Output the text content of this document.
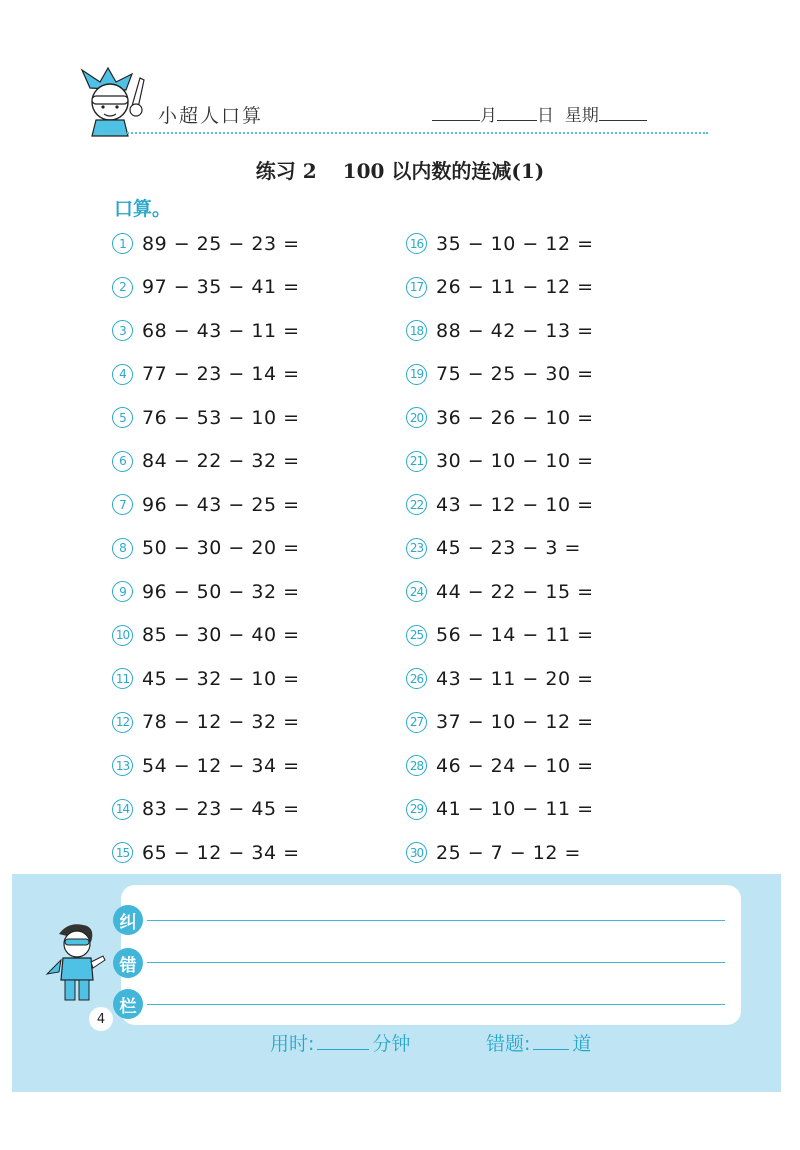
小超人口算	月 日 星期
练习 2 100 以内数的连减(1)
口算。
1 89 − 25 − 23 =
2 97 − 35 − 41 =
3 68 − 43 − 11 =
4 77 − 23 − 14 =
5 76 − 53 − 10 =
6 84 − 22 − 32 =
7 96 − 43 − 25 =
8 50 − 30 − 20 =
9 96 − 50 − 32 =
10 85 − 30 − 40 =
11 45 − 32 − 10 =
12 78 − 12 − 32 =
13 54 − 12 − 34 =
14 83 − 23 − 45 =
15 65 − 12 − 34 =
16 35 − 10 − 12 =
17 26 − 11 − 12 =
18 88 − 42 − 13 =
19 75 − 25 − 30 =
20 36 − 26 − 10 =
21 30 − 10 − 10 =
22 43 − 12 − 10 =
23 45 − 23 − 3 =
24 44 − 22 − 15 =
25 56 − 14 − 11 =
26 43 − 11 − 20 =
27 37 − 10 − 12 =
28 46 − 24 − 10 =
29 41 − 10 − 11 =
30 25 − 7 − 12 =
纠
错
栏
4
用时:	分钟	错题: 道
